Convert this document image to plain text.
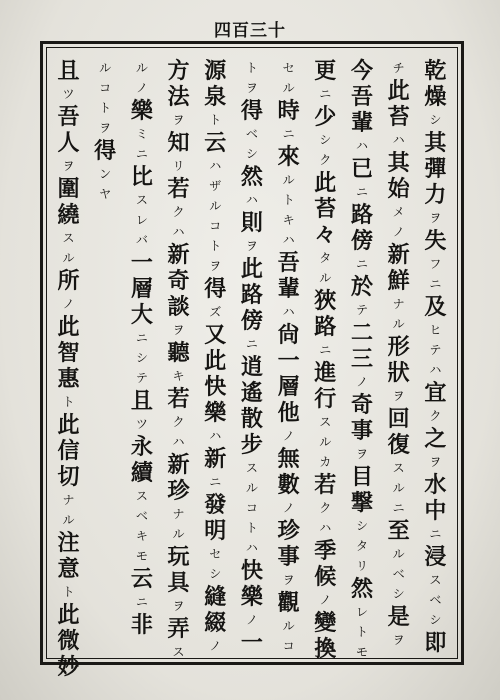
四百三十
乾
燥
シ
其
彈
力
ヲ
失
フ
ニ
及
ヒ
テ
ハ
宜
ク
之
ヲ
水
中
ニ
浸
ス
ベ
シ
即
チ
此
苔
ハ
其
始
メ
ノ
新
鮮
ナ
ル
形
狀
ヲ
回
復
ス
ル
ニ
至
ル
ベ
シ
是
ヲ
今
吾
輩
ハ
已
ニ
路
傍
ニ
於
テ
二
三
ノ
奇
事
ヲ
目
撃
シ
タ
リ
然
レ
ト
モ
更
ニ
少
シ
ク
此
苔
々
タ
ル
狹
路
ニ
進
行
ス
ル
カ
若
ク
ハ
季
候
ノ
變
換
セ
ル
時
ニ
來
ル
ト
キ
ハ
吾
輩
ハ
尙
一
層
他
ノ
無
數
ノ
珍
事
ヲ
觀
ル
コ
ト
ヲ
得
ベ
シ
然
ハ
則
ヲ
此
路
傍
ニ
逍
遙
散
步
ス
ル
コ
ト
ハ
快
樂
ノ
一
源
泉
ト
云
ハ
ザ
ル
コ
ト
ヲ
得
ズ
又
此
快
樂
ハ
新
ニ
發
明
セ
シ
縫
綴
ノ
方
法
ヲ
知
リ
若
ク
ハ
新
奇
談
ヲ
聽
キ
若
ク
ハ
新
珍
ナ
ル
玩
具
ヲ
弄
ス
ル
ノ
樂
ミ
ニ
比
ス
レ
バ
一
層
大
ニ
シ
テ
且
ツ
永
續
ス
ベ
キ
モ
云
ニ
非
ル
コ
ト
ヲ
得
ン
ヤ
且
ツ
吾
人
ヲ
圍
繞
ス
ル
所
ノ
此
智
惠
ト
此
信
切
ナ
ル
注
意
ト
此
微
妙
